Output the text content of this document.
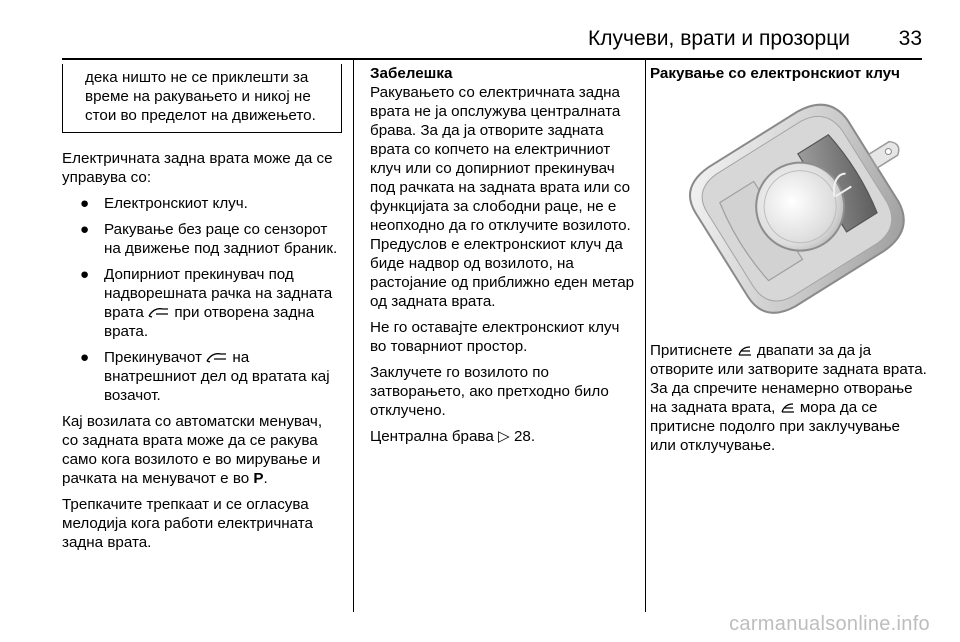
Клучеви, врати и прозорци 33
дека ништо не се приклешти за време на ракувањето и никој не стои во пределот на движењето.

Електричната задна врата може да се управува со:

● Електронскиот клуч.
● Ракување без раце со сензорот на движење под задниот браник.
● Допирниот прекинувач под надворешната рачка на задната врата при отворена задна врата.
● Прекинувачот на внатрешниот дел од вратата кај возачот.

Кај возилата со автоматски менувач, со задната врата може да се ракува само кога возилото е во мирување и рачката на менувачот е во P.

Трепкачите трепкаат и се огласува мелодија кога работи електричната задна врата.

Забелешка

Ракувањето со електричната задна врата не ја опслужува централната брава. За да ја отворите задната врата со копчето на електричниот клуч или со допирниот прекинувач под рачката на задната врата или со функцијата за слободни раце, не е неопходно да го отклучите возилото. Предуслов е електронскиот клуч да биде надвор од возилото, на растојание од приближно еден метар од задната врата.

Не го оставајте електронскиот клуч во товарниот простор.

Заклучете го возилото по затворањето, ако претходно било отклучено.

Централна брава ▷ 28.

Ракување со електронскиот клуч

Притиснете двапати за да ја отворите или затворите задната врата. За да спречите ненамерно отворање на задната врата, мора да се притисне подолго при заклучување или отклучување.

carmanualsonline.info
